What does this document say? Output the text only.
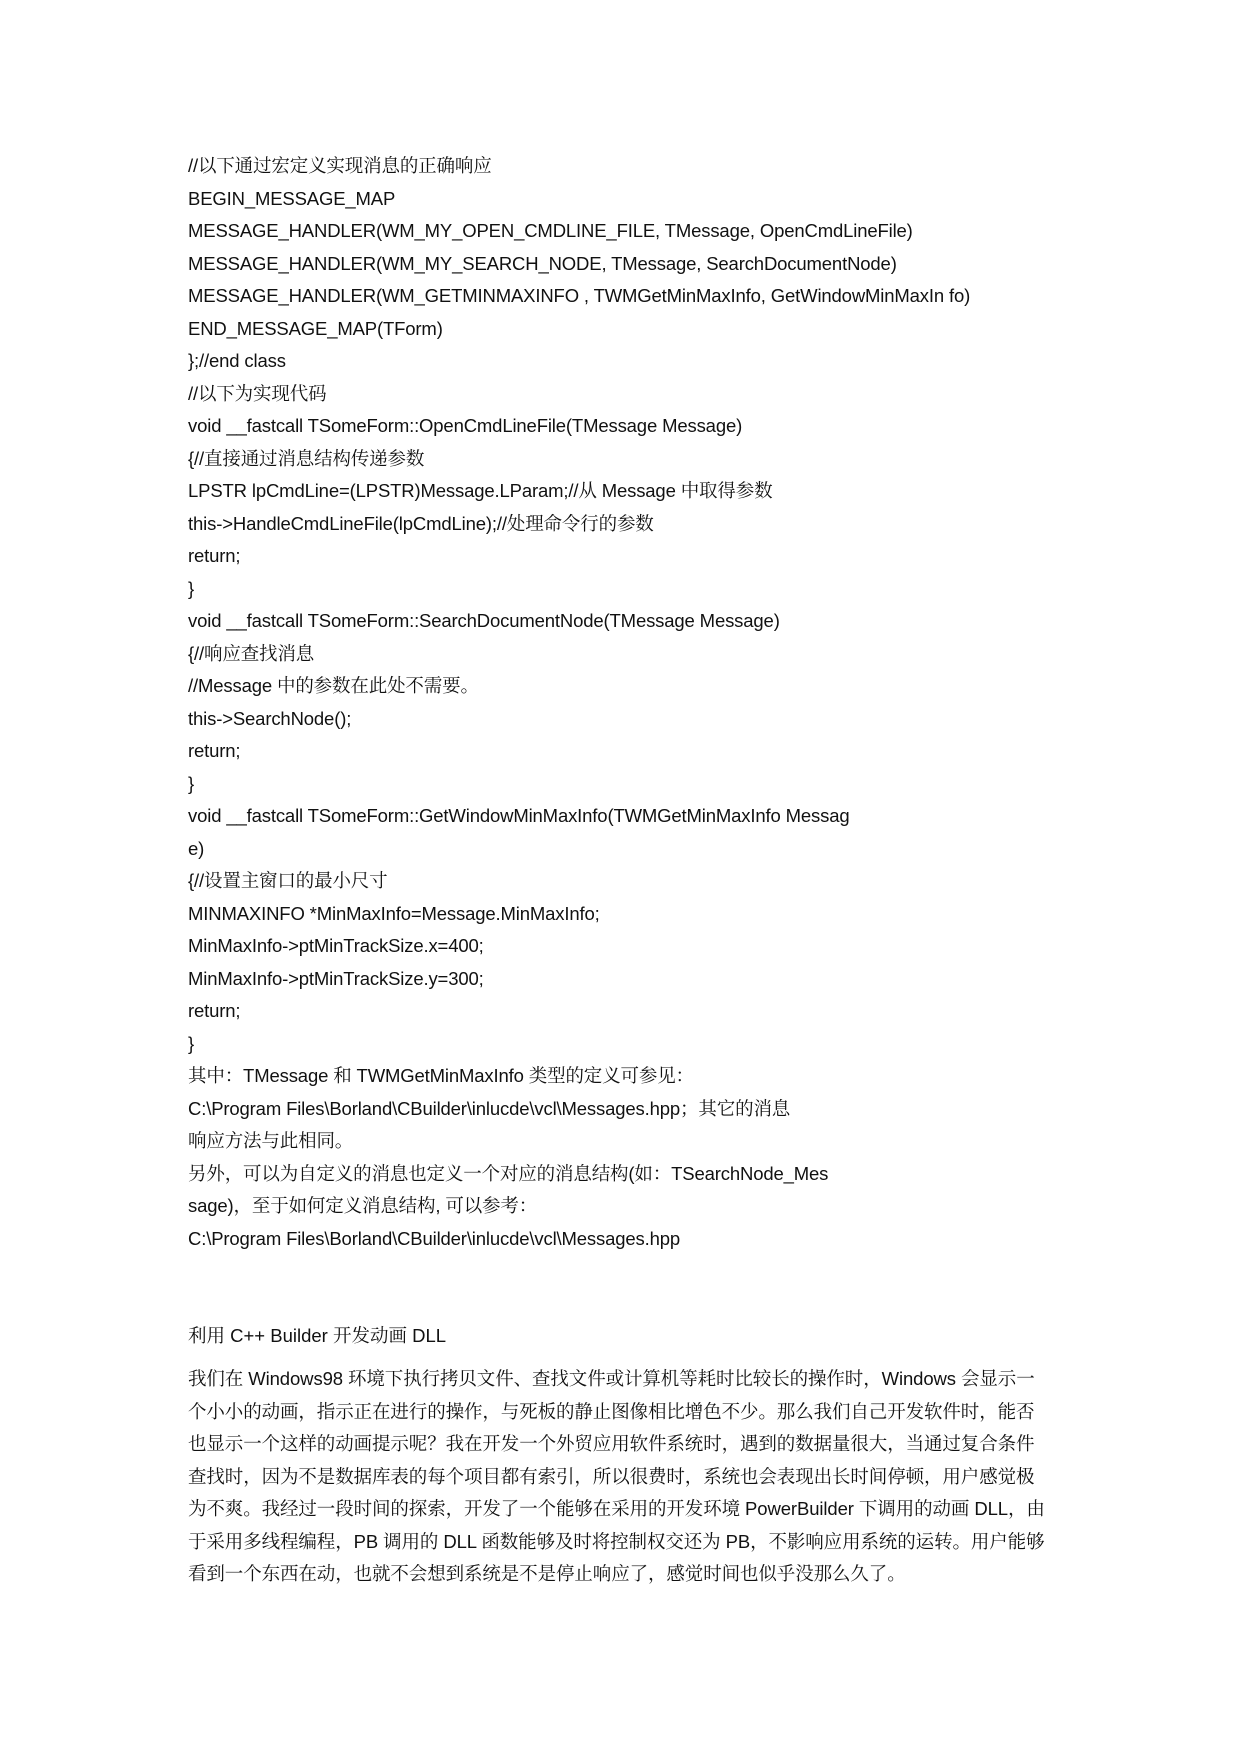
//以下通过宏定义实现消息的正确响应
BEGIN_MESSAGE_MAP
MESSAGE_HANDLER(WM_MY_OPEN_CMDLINE_FILE, TMessage, OpenCmdLineFile)
MESSAGE_HANDLER(WM_MY_SEARCH_NODE, TMessage, SearchDocumentNode)
MESSAGE_HANDLER(WM_GETMINMAXINFO , TWMGetMinMaxInfo, GetWindowMinMaxIn fo)
END_MESSAGE_MAP(TForm)
};//end class
//以下为实现代码
void __fastcall TSomeForm::OpenCmdLineFile(TMessage Message)
{//直接通过消息结构传递参数
LPSTR lpCmdLine=(LPSTR)Message.LParam;//从 Message 中取得参数
this->HandleCmdLineFile(lpCmdLine);//处理命令行的参数
return;
}
void __fastcall TSomeForm::SearchDocumentNode(TMessage Message)
{//响应查找消息
//Message 中的参数在此处不需要。
this->SearchNode();
return;
}
void __fastcall TSomeForm::GetWindowMinMaxInfo(TWMGetMinMaxInfo Messag
e)
{//设置主窗口的最小尺寸
MINMAXINFO *MinMaxInfo=Message.MinMaxInfo;
MinMaxInfo->ptMinTrackSize.x=400;
MinMaxInfo->ptMinTrackSize.y=300;
return;
}
其中：TMessage 和 TWMGetMinMaxInfo 类型的定义可参见：
C:\Program Files\Borland\CBuilder\inlucde\vcl\Messages.hpp；其它的消息
响应方法与此相同。
另外，可以为自定义的消息也定义一个对应的消息结构(如：TSearchNode_Mes
sage)，至于如何定义消息结构, 可以参考：
C:\Program Files\Borland\CBuilder\inlucde\vcl\Messages.hpp
利用 C++ Builder 开发动画 DLL
我们在 Windows98 环境下执行拷贝文件、查找文件或计算机等耗时比较长的操作时，Windows 会显示一
个小小的动画，指示正在进行的操作，与死板的静止图像相比增色不少。那么我们自己开发软件时，能否
也显示一个这样的动画提示呢？我在开发一个外贸应用软件系统时，遇到的数据量很大，当通过复合条件
查找时，因为不是数据库表的每个项目都有索引，所以很费时，系统也会表现出长时间停顿，用户感觉极
为不爽。我经过一段时间的探索，开发了一个能够在采用的开发环境 PowerBuilder 下调用的动画 DLL，由
于采用多线程编程，PB 调用的 DLL 函数能够及时将控制权交还为 PB，不影响应用系统的运转。用户能够
看到一个东西在动，也就不会想到系统是不是停止响应了，感觉时间也似乎没那么久了。
